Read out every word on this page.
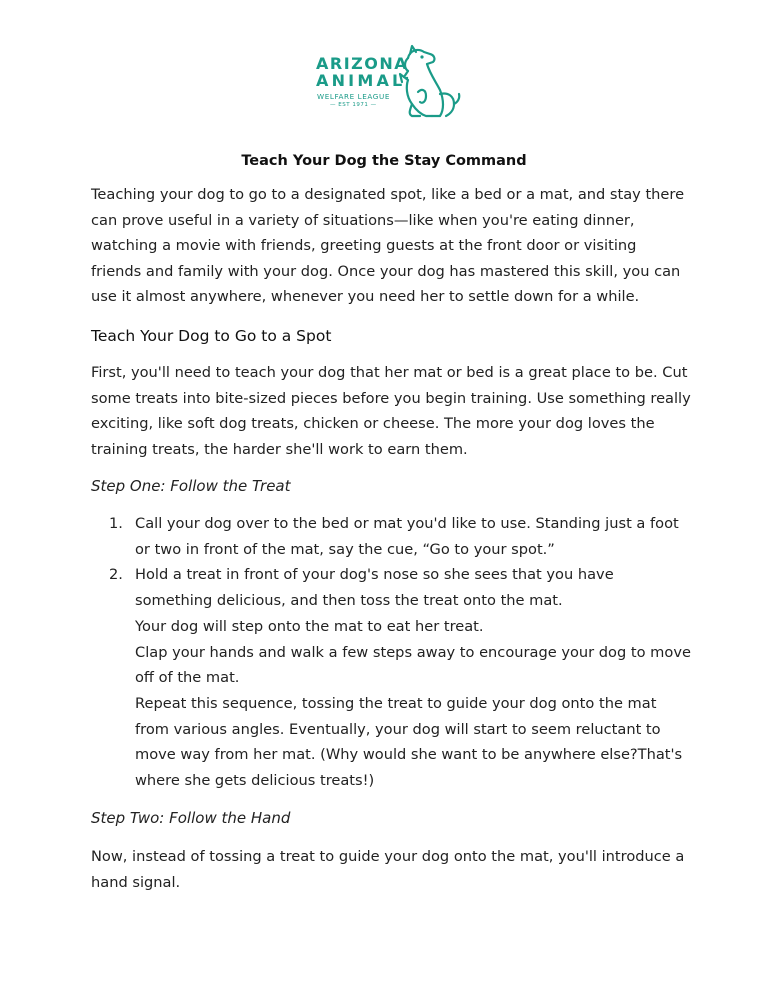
ARIZONA
ANIMAL
WELFARE LEAGUE
— EST 1971 —
Teach Your Dog the Stay Command

Teaching your dog to go to a designated spot, like a bed or a mat, and stay there can prove useful in a variety of situations—like when you're eating dinner, watching a movie with friends, greeting guests at the front door or visiting friends and family with your dog. Once your dog has mastered this skill, you can use it almost anywhere, whenever you need her to settle down for a while.

Teach Your Dog to Go to a Spot

First, you'll need to teach your dog that her mat or bed is a great place to be. Cut some treats into bite-sized pieces before you begin training. Use something really exciting, like soft dog treats, chicken or cheese. The more your dog loves the training treats, the harder she'll work to earn them.

Step One: Follow the Treat
1. Call your dog over to the bed or mat you'd like to use. Standing just a foot or two in front of the mat, say the cue, “Go to your spot.”
2. Hold a treat in front of your dog's nose so she sees that you have something delicious, and then toss the treat onto the mat.
Your dog will step onto the mat to eat her treat.
Clap your hands and walk a few steps away to encourage your dog to move off of the mat.
Repeat this sequence, tossing the treat to guide your dog onto the mat from various angles. Eventually, your dog will start to seem reluctant to move way from her mat. (Why would she want to be anywhere else?That's where she gets delicious treats!)
Step Two: Follow the Hand

Now, instead of tossing a treat to guide your dog onto the mat, you'll introduce a hand signal.
